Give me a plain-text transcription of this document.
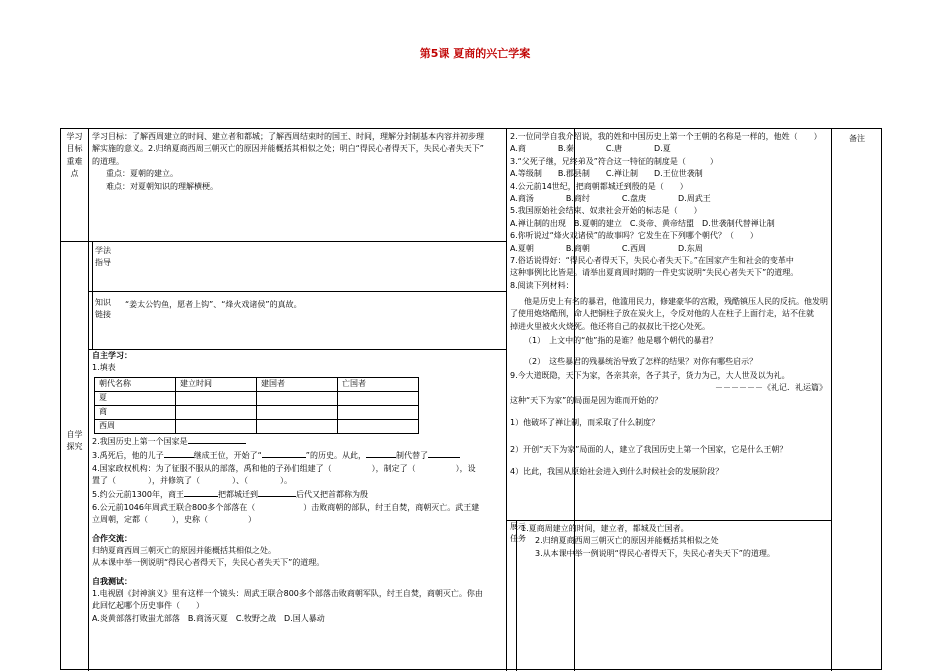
第5课 夏商的兴亡学案
学习目标重难点
自学探究
学法指导
知识链接
备注
展示任务

学习目标：了解西周建立的时间、建立者和都城；了解西周结束时的国王、时间，理解分封制基本内容并初步理

解实施的意义。2.归纳夏商西周三朝灭亡的原因并能概括其相似之处；明白“得民心者得天下，失民心者失天下”

的道理。

重点：夏朝的建立。

难点：对夏朝知识的理解横梗。

“姜太公钓鱼，愿者上钩”、“烽火戏诸侯”的真故。

自主学习：

1.填表

朝代名称	建立时间	建国者	亡国者
夏			
商			
西周			

2.我国历史上第一个国家是

3.禹死后，他的儿子	继成王位，开始了“	”的历史。从此，	制代替了

4.国家政权机构：为了征服不服从的部落，禹和他的子孙们组建了（　　　　　），制定了（　　　　　），设

置了（　　　　），并修筑了（　　　　）、（　　　　）。

5.约公元前1300年，商王	把都城迁到	后代又把首都称为殷

6.公元前1046年周武王联合800多个部落在（　　　　　　）击败商朝的部队，纣王自焚，商朝灭亡。武王建

立周朝，定都（　　　），史称（　　　　　）

合作交流：

归纳夏商西周三朝灭亡的原因并能概括其相似之处。

从本课中举一例说明“得民心者得天下，失民心者失天下”的道理。

自我测试：

1.电视剧《封神演义》里有这样一个镜头：周武王联合800多个部落击败商朝军队，纣王自焚，商朝灭亡。你由

此回忆起哪个历史事件（　　）

A.炎黄部落打败蚩尤部落　B.商汤灭夏　C.牧野之战　D.国人暴动

2.一位同学自我介绍说，我的姓和中国历史上第一个王朝的名称是一样的，他姓（　　）

A.商　　　　B.秦　　　　C.唐　　　　D.夏

3.“父死子继，兄终弟及”符合这一特征的制度是（　　　）

A.等级制　　B.郡县制　　C.禅让制　　D.王位世袭制

4.公元前14世纪，把商朝都城迁到殷的是（　　）

A.商汤　　　　B.商纣　　　　C.盘庚　　　　D.周武王

5.我国原始社会结束、奴隶社会开始的标志是（　　）

A.禅让制的出现　B.夏朝的建立　C.炎帝、黄帝结盟　D.世袭制代替禅让制

6.你听说过“烽火戏诸侯”的故事吗？它发生在下列哪个朝代？（　　）

A.夏朝　　　　B.商朝　　　　C.西周　　　　D.东周

7.俗话说得好：“得民心者得天下，失民心者失天下。”在国家产生和社会的变革中

这种事例比比皆是。请举出夏商周时期的一件史实说明“失民心者失天下”的道理。

8.阅读下列材料：

他是历史上有名的暴君，他滥用民力，修建豪华的宫殿，残酷镇压人民的反抗。他发明

了使用炮烙酷刑，命人把铜柱子放在炭火上，令反对他的人在柱子上面行走，站不住就

掉进火里被火火烧死。他还将自己的叔叔比干挖心处死。

（1）　上文中的“他”指的是谁？他是哪个朝代的暴君？

（2）　这些暴君的残暴统治导致了怎样的结果？对你有哪些启示？

9.今大道既隐，天下为家，各亲其亲，各子其子，货力为己，大人世及以为礼。

－－－－－－《礼记．礼运篇》

这种“天下为家”的局面是因为谁而开始的？

1）他破坏了禅让制，而采取了什么制度？

2）开创“天下为家”局面的人，建立了我国历史上第一个国家，它是什么王朝？

4）比此，我国从原始社会进入到什么时候社会的发展阶段？

1.夏商周建立的时间，建立者，都城及亡国者。

2.归纳夏商西周三朝灭亡的原因并能概括其相似之处

3.从本课中举一例说明“得民心者得天下，失民心者失天下”的道理。
